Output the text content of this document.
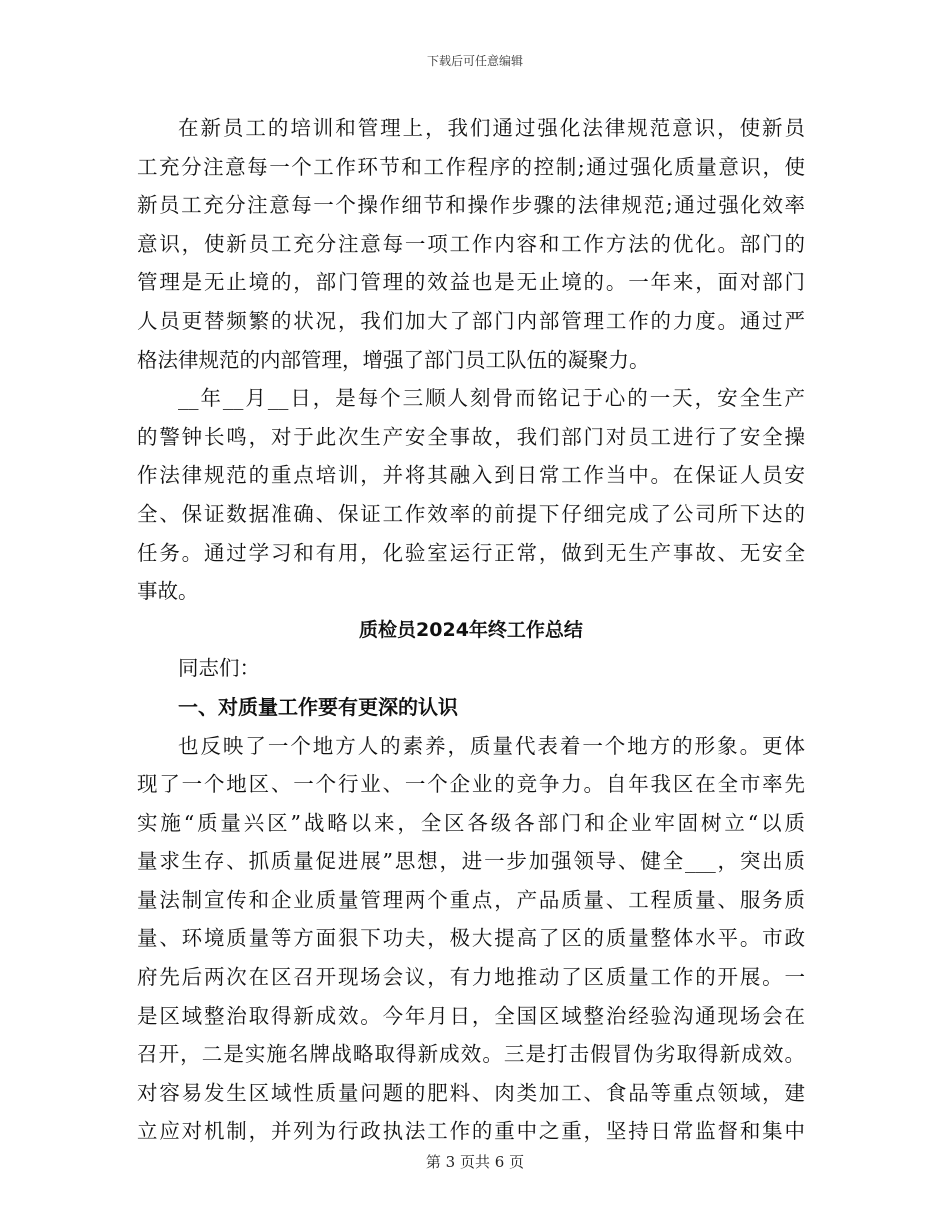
下载后可任意编辑
在新员工的培训和管理上，我们通过强化法律规范意识，使新员
工充分注意每一个工作环节和工作程序的控制;通过强化质量意识，使
新员工充分注意每一个操作细节和操作步骤的法律规范;通过强化效率
意识，使新员工充分注意每一项工作内容和工作方法的优化。部门的
管理是无止境的，部门管理的效益也是无止境的。一年来，面对部门
人员更替频繁的状况，我们加大了部门内部管理工作的力度。通过严
格法律规范的内部管理，增强了部门员工队伍的凝聚力。
__年__月__日，是每个三顺人刻骨而铭记于心的一天，安全生产
的警钟长鸣，对于此次生产安全事故，我们部门对员工进行了安全操
作法律规范的重点培训，并将其融入到日常工作当中。在保证人员安
全、保证数据准确、保证工作效率的前提下仔细完成了公司所下达的
任务。通过学习和有用，化验室运行正常，做到无生产事故、无安全
事故。
质检员2024年终工作总结
同志们：
一、对质量工作要有更深的认识
也反映了一个地方人的素养，质量代表着一个地方的形象。更体
现了一个地区、一个行业、一个企业的竞争力。自年我区在全市率先
实施“质量兴区”战略以来，全区各级各部门和企业牢固树立“以质
量求生存、抓质量促进展”思想，进一步加强领导、健全___，突出质
量法制宣传和企业质量管理两个重点，产品质量、工程质量、服务质
量、环境质量等方面狠下功夫，极大提高了区的质量整体水平。市政
府先后两次在区召开现场会议，有力地推动了区质量工作的开展。一
是区域整治取得新成效。今年月日，全国区域整治经验沟通现场会在
召开，二是实施名牌战略取得新成效。三是打击假冒伪劣取得新成效。
对容易发生区域性质量问题的肥料、肉类加工、食品等重点领域，建
立应对机制，并列为行政执法工作的重中之重，坚持日常监督和集中
第 3 页共 6 页
